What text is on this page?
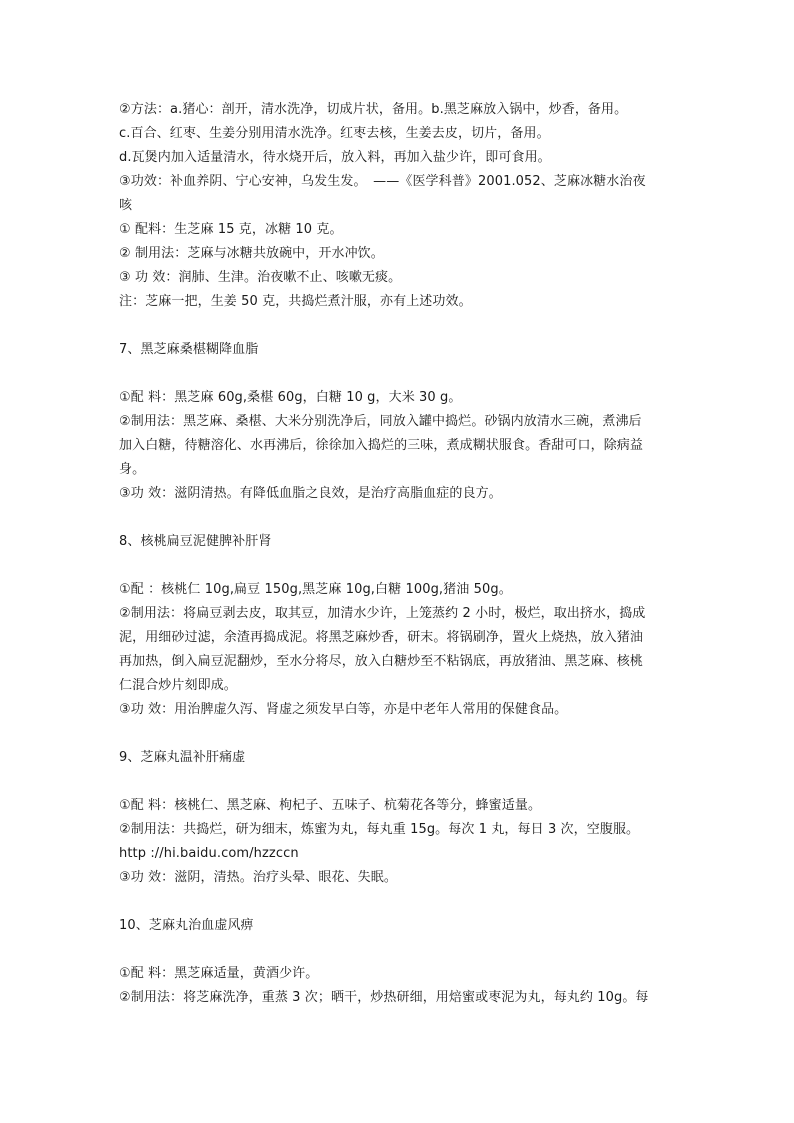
②方法：a.猪心：剖开，清水洗净，切成片状，备用。b.黑芝麻放入锅中，炒香，备用。

c.百合、红枣、生姜分别用清水洗净。红枣去核，生姜去皮，切片，备用。

d.瓦煲内加入适量清水，待水烧开后，放入料，再加入盐少许，即可食用。

③功效：补血养阴、宁心安神，乌发生发。　——《医学科普》2001.052、芝麻冰糖水治夜

咳

① 配料：生芝麻 15 克，冰糖 10 克。

② 制用法：芝麻与冰糖共放碗中，开水冲饮。

③ 功 效：润肺、生津。治夜嗽不止、咳嗽无痰。

注：芝麻一把，生姜 50 克，共捣烂煮汁服，亦有上述功效。

7、黑芝麻桑椹糊降血脂

①配 料：黑芝麻 60g,桑椹 60g，白糖 10 g，大米 30 g。

②制用法：黑芝麻、桑椹、大米分别洗净后，同放入罐中捣烂。砂锅内放清水三碗，煮沸后

加入白糖，待糖溶化、水再沸后，徐徐加入捣烂的三味，煮成糊状服食。香甜可口，除病益

身。

③功 效：滋阴清热。有降低血脂之良效，是治疗高脂血症的良方。

8、核桃扁豆泥健脾补肝肾

①配 ：核桃仁 10g,扁豆 150g,黑芝麻 10g,白糖 100g,猪油 50g。

②制用法：将扁豆剥去皮，取其豆，加清水少许，上笼蒸约 2 小时，极烂，取出挤水，捣成

泥，用细砂过滤，余渣再捣成泥。将黑芝麻炒香，研末。将锅刷净，置火上烧热，放入猪油

再加热，倒入扁豆泥翻炒，至水分将尽，放入白糖炒至不粘锅底，再放猪油、黑芝麻、核桃

仁混合炒片刻即成。

③功 效：用治脾虚久泻、肾虚之须发早白等，亦是中老年人常用的保健食品。

9、芝麻丸温补肝痛虚

①配 料：核桃仁、黑芝麻、枸杞子、五味子、杭菊花各等分，蜂蜜适量。

②制用法：共捣烂，研为细末，炼蜜为丸，每丸重 15g。每次 1 丸，每日 3 次，空腹服。

http ://hi.baidu.com/hzzccn

③功 效：滋阴，清热。治疗头晕、眼花、失眠。

10、芝麻丸治血虚风痹

①配 料：黑芝麻适量，黄酒少许。

②制用法：将芝麻洗净，重蒸 3 次；晒干，炒热研细，用焙蜜或枣泥为丸，每丸约 10g。每
